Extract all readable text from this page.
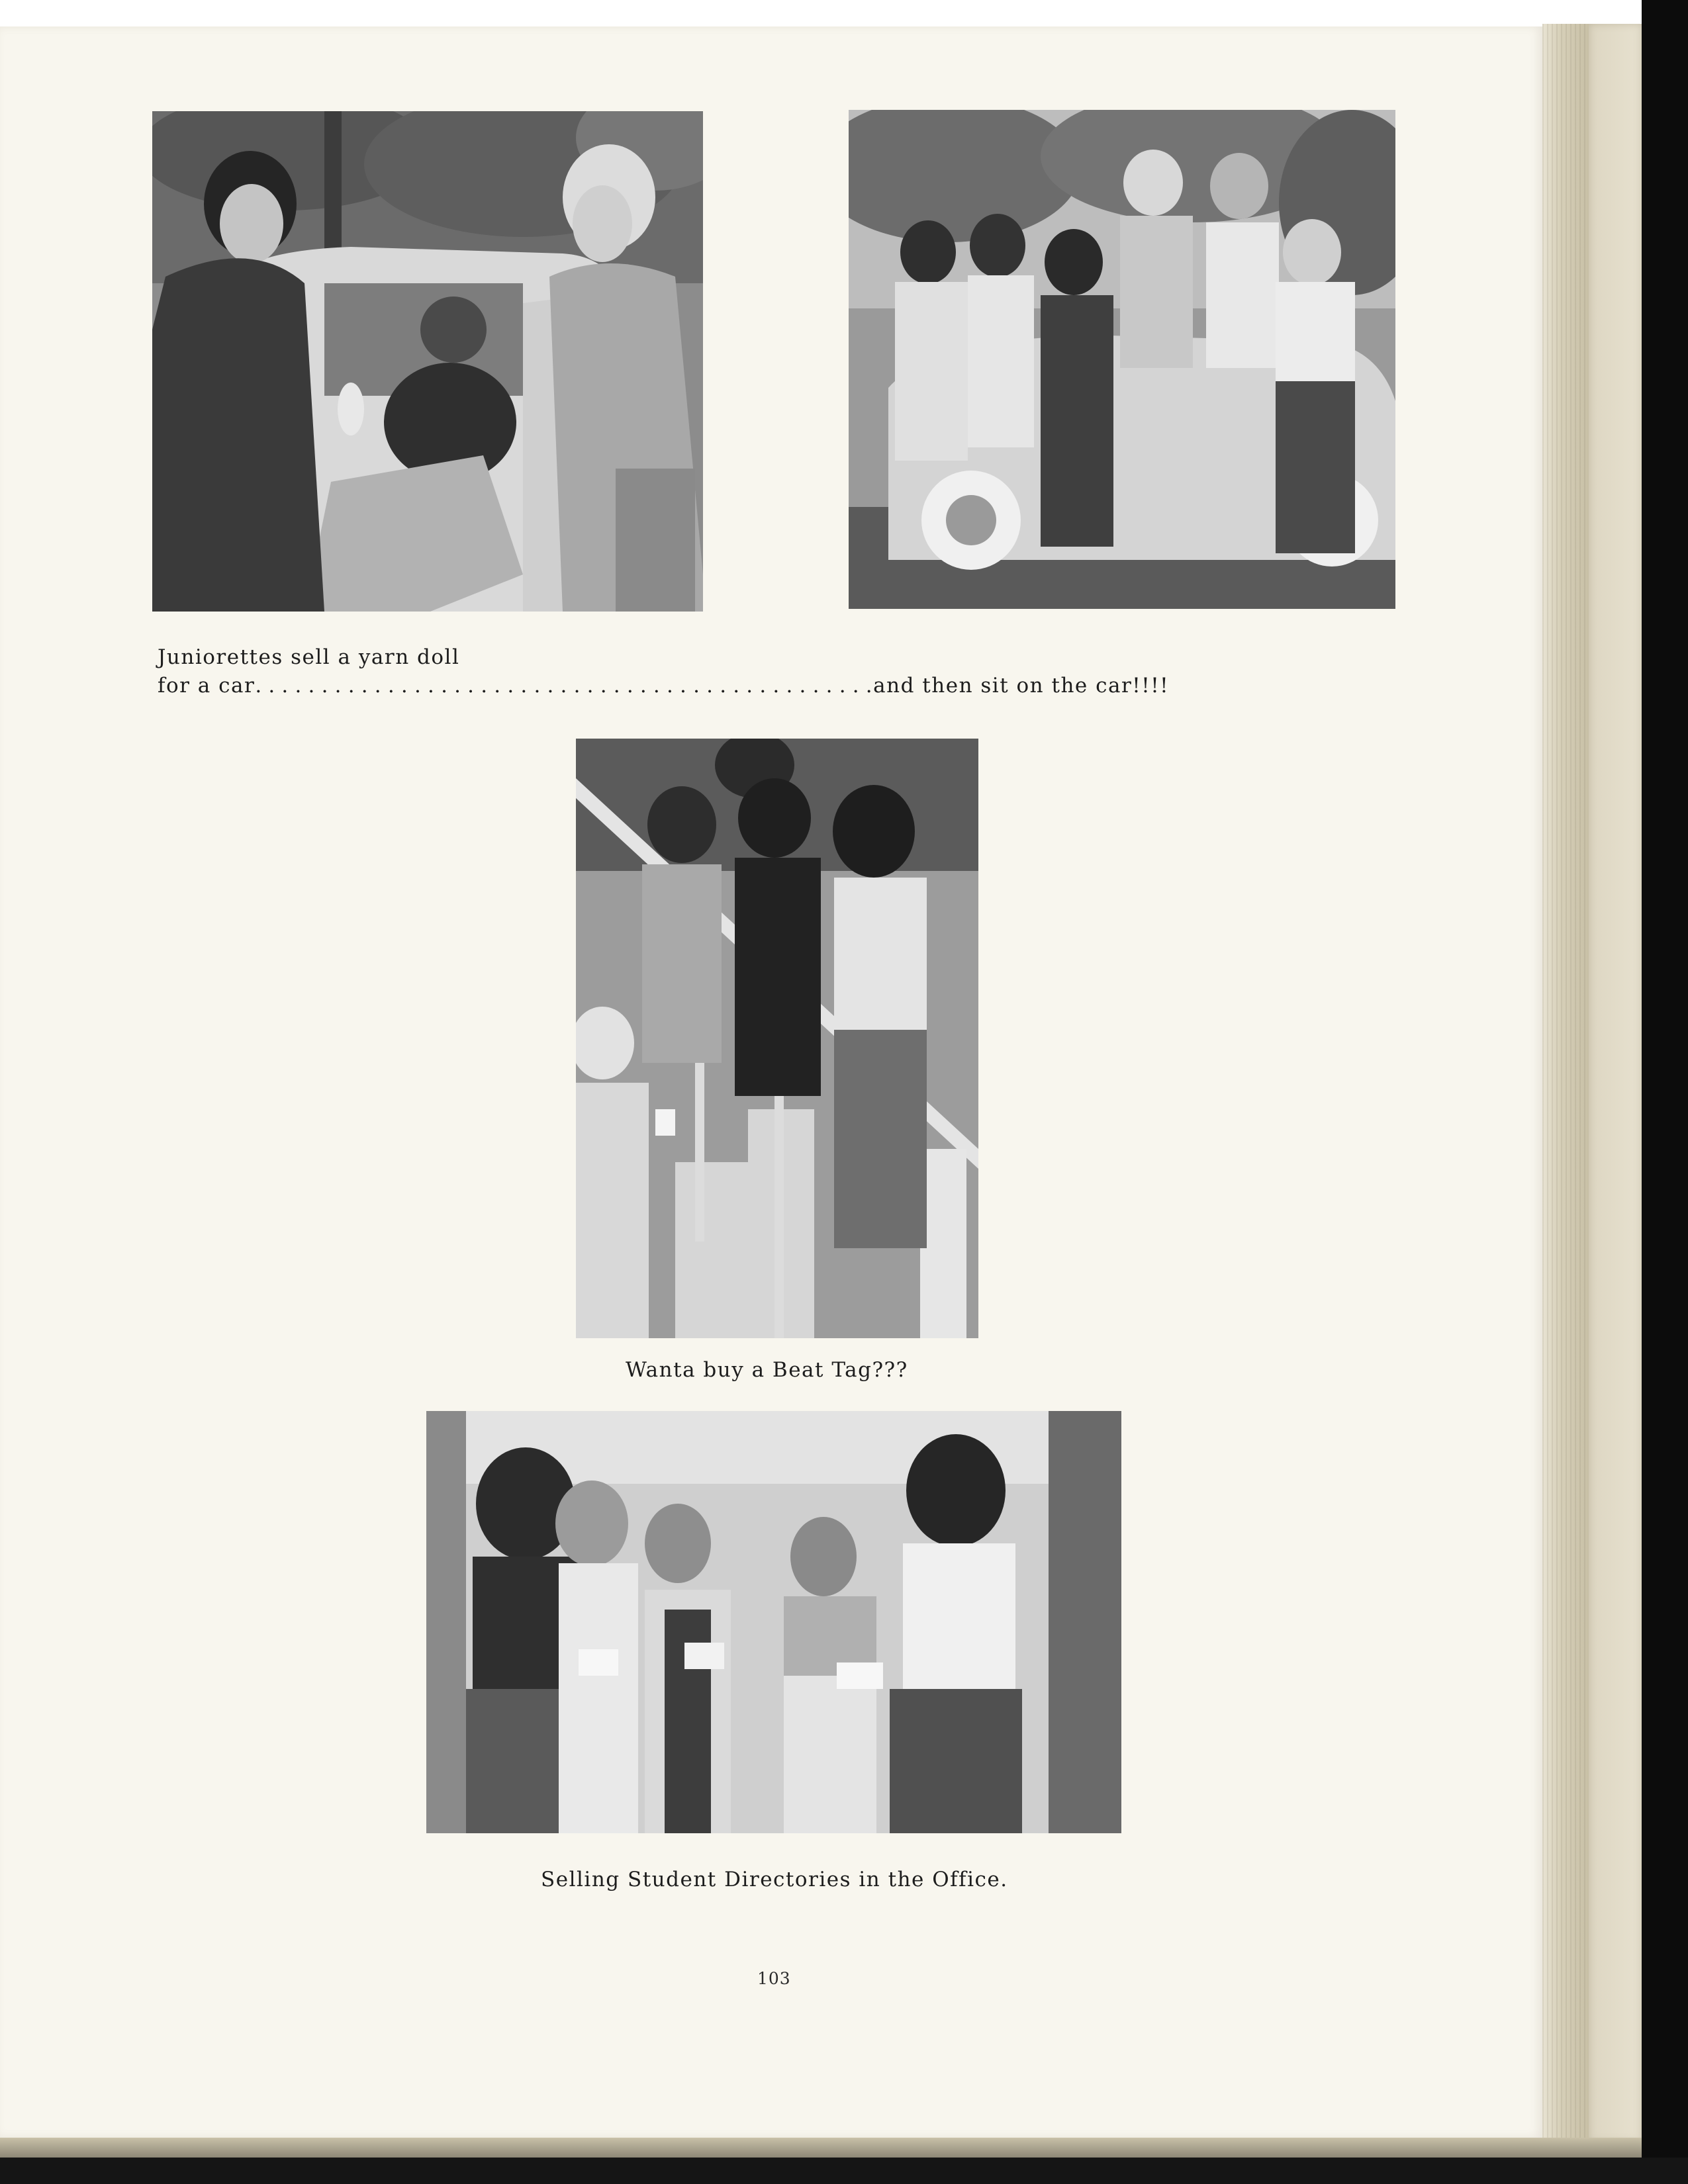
Juniorettes sell a yarn doll
for a car...............................................and then sit on the car!!!!
Wanta buy a Beat Tag???
Selling Student Directories in the Office.
103
